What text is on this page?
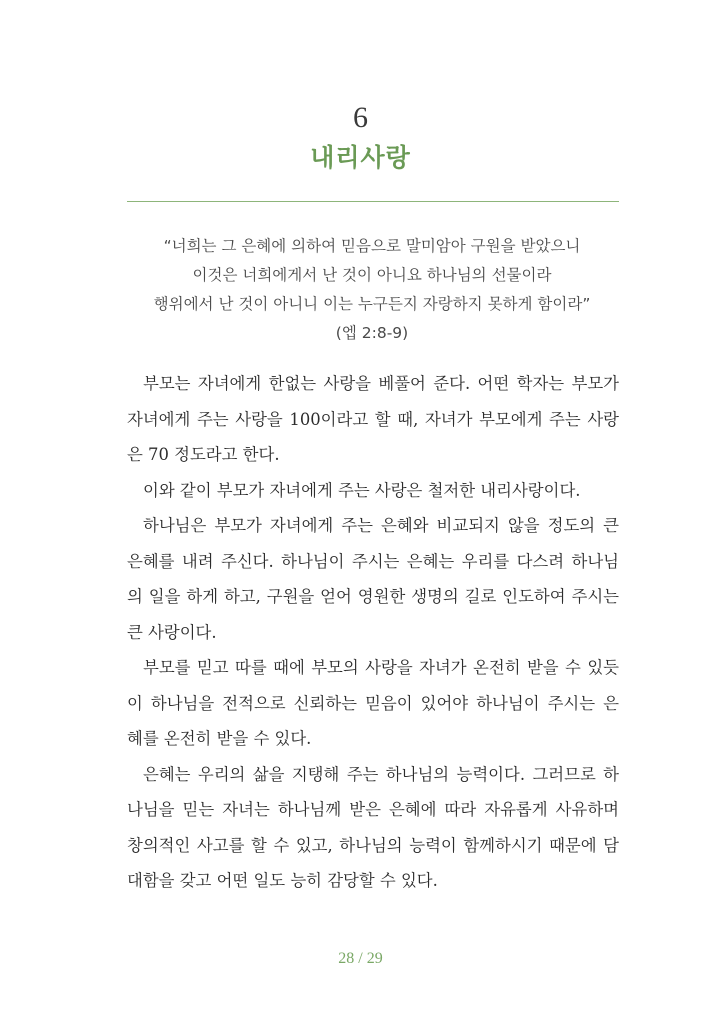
6
내리사랑
“너희는 그 은혜에 의하여 믿음으로 말미암아 구원을 받았으니
이것은 너희에게서 난 것이 아니요 하나님의 선물이라
행위에서 난 것이 아니니 이는 누구든지 자랑하지 못하게 함이라”
(엡 2:8-9)
부모는 자녀에게 한없는 사랑을 베풀어 준다. 어떤 학자는 부모가
자녀에게 주는 사랑을 100이라고 할 때, 자녀가 부모에게 주는 사랑
은 70 정도라고 한다.
이와 같이 부모가 자녀에게 주는 사랑은 철저한 내리사랑이다.
하나님은 부모가 자녀에게 주는 은혜와 비교되지 않을 정도의 큰
은혜를 내려 주신다. 하나님이 주시는 은혜는 우리를 다스려 하나님
의 일을 하게 하고, 구원을 얻어 영원한 생명의 길로 인도하여 주시는
큰 사랑이다.
부모를 믿고 따를 때에 부모의 사랑을 자녀가 온전히 받을 수 있듯
이 하나님을 전적으로 신뢰하는 믿음이 있어야 하나님이 주시는 은
혜를 온전히 받을 수 있다.
은혜는 우리의 삶을 지탱해 주는 하나님의 능력이다. 그러므로 하
나님을 믿는 자녀는 하나님께 받은 은혜에 따라 자유롭게 사유하며
창의적인 사고를 할 수 있고, 하나님의 능력이 함께하시기 때문에 담
대함을 갖고 어떤 일도 능히 감당할 수 있다.
28 / 29
